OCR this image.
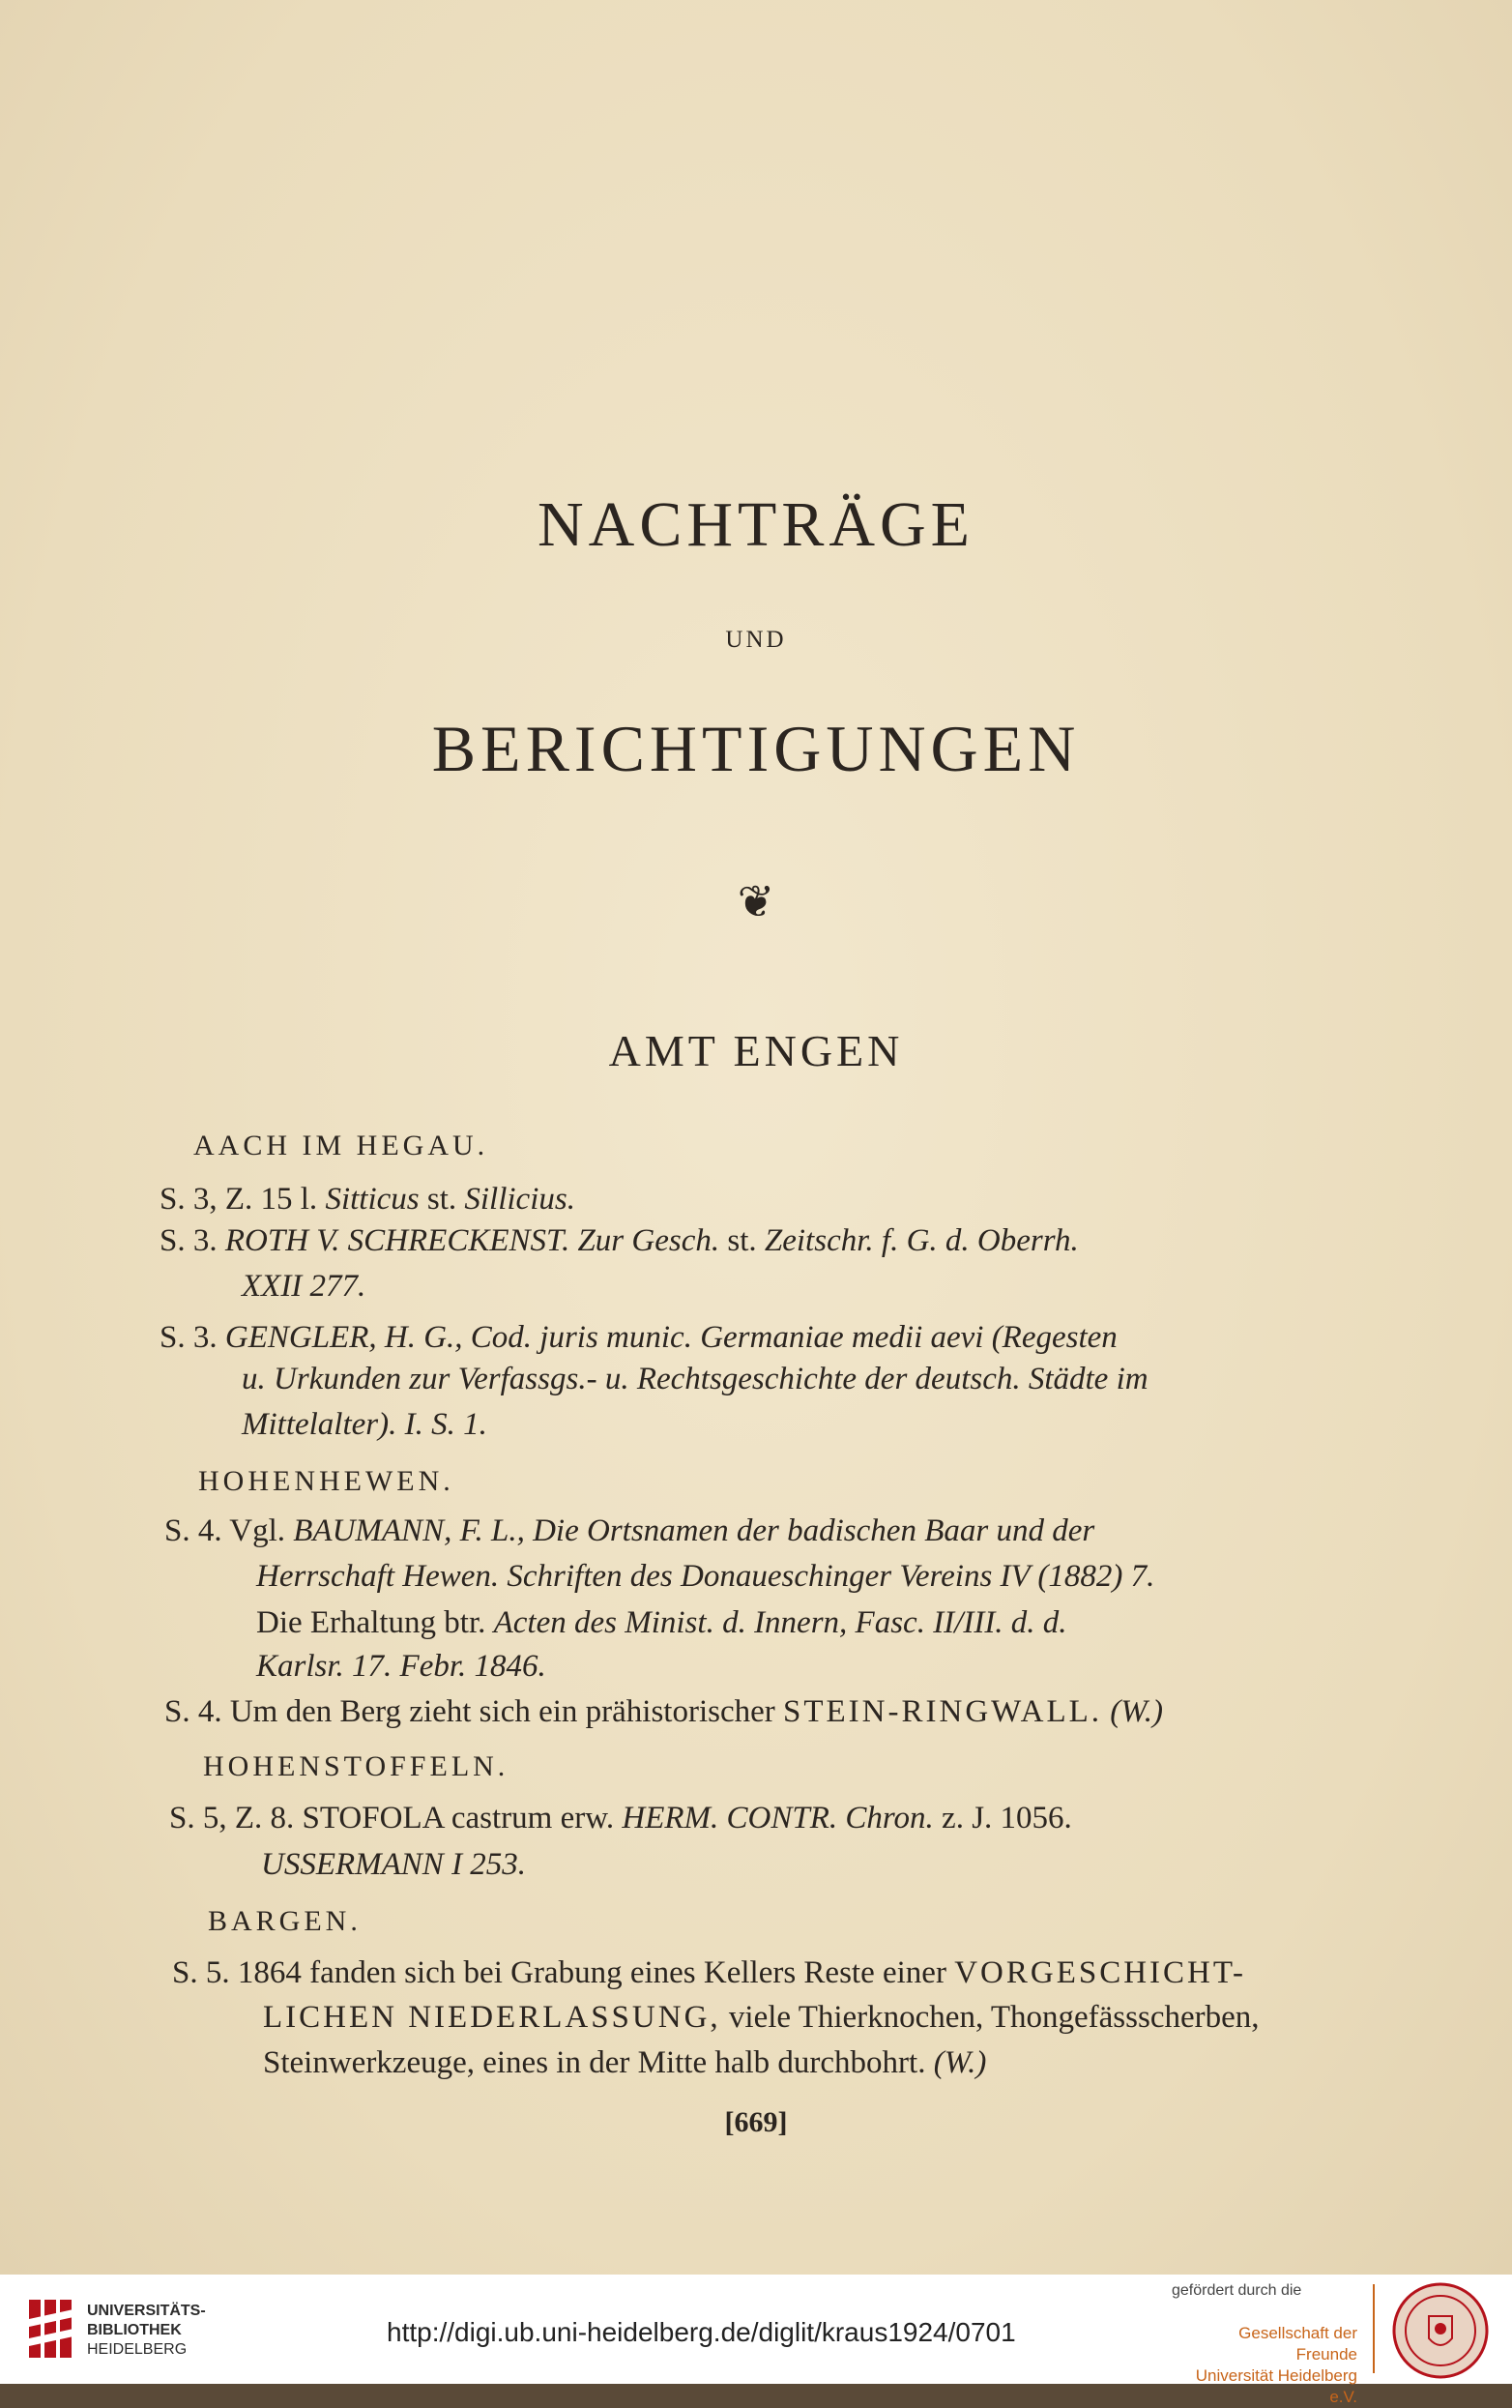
NACHTRÄGE
UND
BERICHTIGUNGEN
❦
AMT ENGEN
[669]
AACH IM HEGAU.
S. 3, Z. 15 l. Sitticus st. Sillicius.
S. 3. ROTH V. SCHRECKENST. Zur Gesch. st. Zeitschr. f. G. d. Oberrh.
XXII 277.
S. 3. GENGLER, H. G., Cod. juris munic. Germaniae medii aevi (Regesten
u. Urkunden zur Verfassgs.- u. Rechtsgeschichte der deutsch. Städte im
Mittelalter). I. S. 1.
HOHENHEWEN.
S. 4. Vgl. BAUMANN, F. L., Die Ortsnamen der badischen Baar und der
Herrschaft Hewen. Schriften des Donaueschinger Vereins IV (1882) 7.
Die Erhaltung btr. Acten des Minist. d. Innern, Fasc. II/III. d. d.
Karlsr. 17. Febr. 1846.
S. 4. Um den Berg zieht sich ein prähistorischer STEIN-RINGWALL. (W.)
HOHENSTOFFELN.
S. 5, Z. 8. STOFOLA castrum erw. HERM. CONTR. Chron. z. J. 1056.
USSERMANN I 253.
BARGEN.
S. 5. 1864 fanden sich bei Grabung eines Kellers Reste einer VORGESCHICHT-
LICHEN NIEDERLASSUNG, viele Thierknochen, Thongefässscherben,
Steinwerkzeuge, eines in der Mitte halb durchbohrt. (W.)
UNIVERSITÄTS-
BIBLIOTHEK
HEIDELBERG
http://digi.ub.uni-heidelberg.de/diglit/kraus1924/0701
gefördert durch die
Gesellschaft der Freunde
Universität Heidelberg e.V.
